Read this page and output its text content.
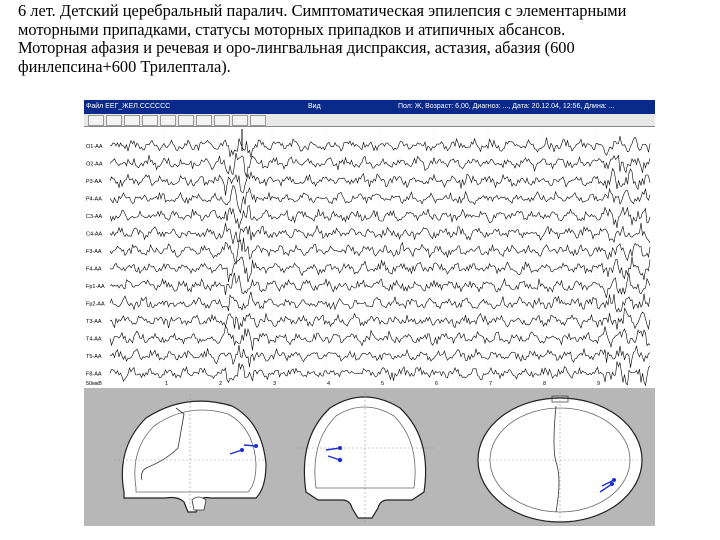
6 лет. Детский церебральный паралич. Симптоматическая эпилепсия с элементарными

моторными припадками, статусы моторных припадков и атипичных абсансов.

Моторная афазия и речевая и оро-лингвальная диспраксия, астазия, абазия (600

финлепсина+600 Трилептала).

Файл ЕЕГ_ЖЕЛ.СССССС	Вид	Пол: Ж, Возраст: 6,00, Диагноз: ..., Дата: 20.12.04, 12:56, Длина: ...
1	2	3	4	5	6	7	8	9
O1-AA
O2-AA
P3-AA
P4-AA
C3-AA
C4-AA
F3-AA
F4-AA
Fp1-AA
Fp2-AA
T3-AA
T4-AA
T5-AA
F8-AA
50мкВ
